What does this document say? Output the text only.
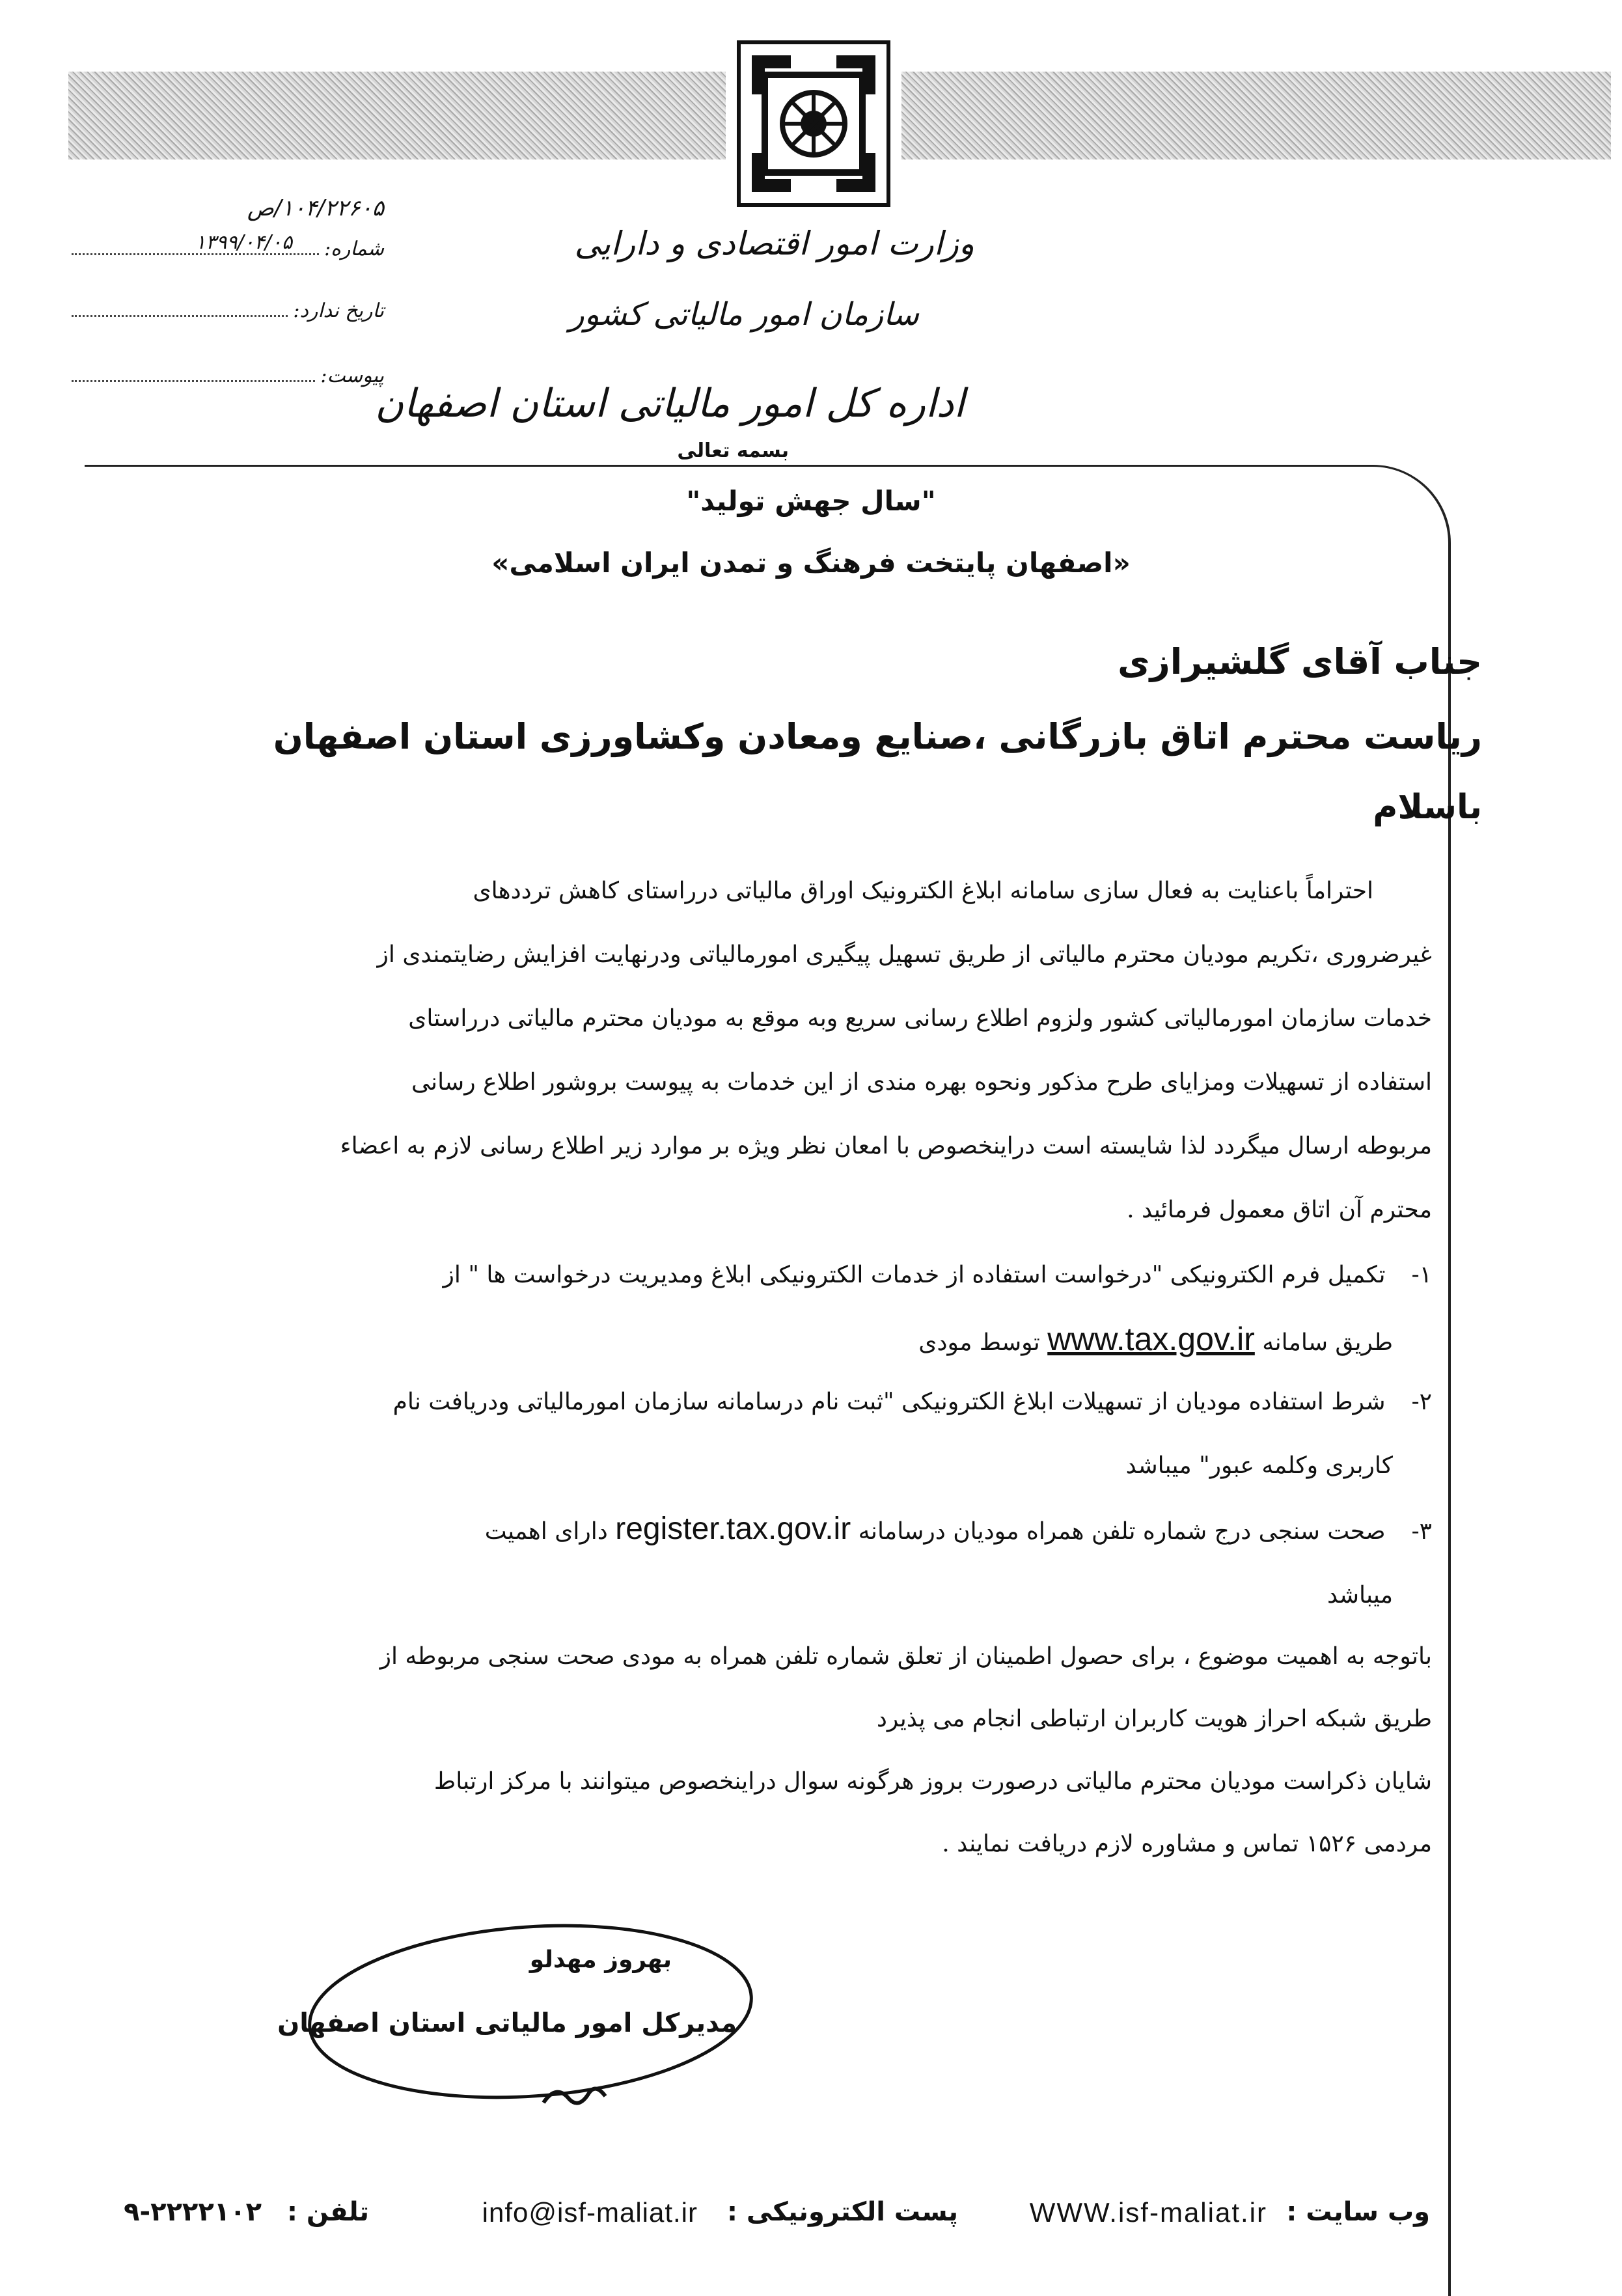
۱۰۴/۲۲۶۰۵/ص
شماره:
۱۳۹۹/۰۴/۰۵
تاریخ ندارد:
پیوست:
وزارت امور اقتصادی و دارایی
سازمان امور مالیاتی کشور
اداره کل امور مالیاتی استان اصفهان
بسمه تعالی
"سال جهش تولید"
«اصفهان پایتخت فرهنگ و تمدن ایران اسلامی»
جناب آقای گلشیرازی
ریاست محترم اتاق بازرگانی ،صنایع ومعادن وکشاورزی استان اصفهان
باسلام

احتراماً باعنایت به فعال سازی سامانه ابلاغ الکترونیک اوراق مالیاتی درراستای کاهش ترددهای

غیرضروری ،تکریم مودیان محترم مالیاتی از طریق تسهیل پیگیری امورمالیاتی ودرنهایت افزایش رضایتمندی از

خدمات سازمان امورمالیاتی کشور ولزوم اطلاع رسانی سریع وبه موقع به مودیان محترم مالیاتی درراستای

استفاده از تسهیلات ومزایای طرح مذکور ونحوه بهره مندی از این خدمات به پیوست بروشور اطلاع رسانی

مربوطه ارسال میگردد لذا شایسته است دراینخصوص با امعان نظر ویژه بر موارد زیر اطلاع رسانی لازم به اعضاء

محترم آن اتاق معمول فرمائید .

۱- تکمیل فرم الکترونیکی "درخواست استفاده از خدمات الکترونیکی ابلاغ ومدیریت درخواست ها " از
طریق سامانه www.tax.gov.ir توسط مودی
۲- شرط استفاده مودیان از تسهیلات ابلاغ الکترونیکی "ثبت نام درسامانه سازمان امورمالیاتی ودریافت نام
کاربری وکلمه عبور" میباشد
۳- صحت سنجی درج شماره تلفن همراه مودیان درسامانه register.tax.gov.ir دارای اهمیت
میباشد

باتوجه به اهمیت موضوع ، برای حصول اطمینان از تعلق شماره تلفن همراه به مودی صحت سنجی مربوطه از

طریق شبکه احراز هویت کاربران ارتباطی انجام می پذیرد

شایان ذکراست مودیان محترم مالیاتی درصورت بروز هرگونه سوال دراینخصوص میتوانند با مرکز ارتباط

مردمی ۱۵۲۶ تماس و مشاوره لازم دریافت نمایند .

بهروز مهدلو
مدیرکل امور مالیاتی استان اصفهان
وب سایت :
WWW.isf-maliat.ir
پست الکترونیکی :
info@isf-maliat.ir
تلفن :
۹-۲۲۲۲۱۰۲
